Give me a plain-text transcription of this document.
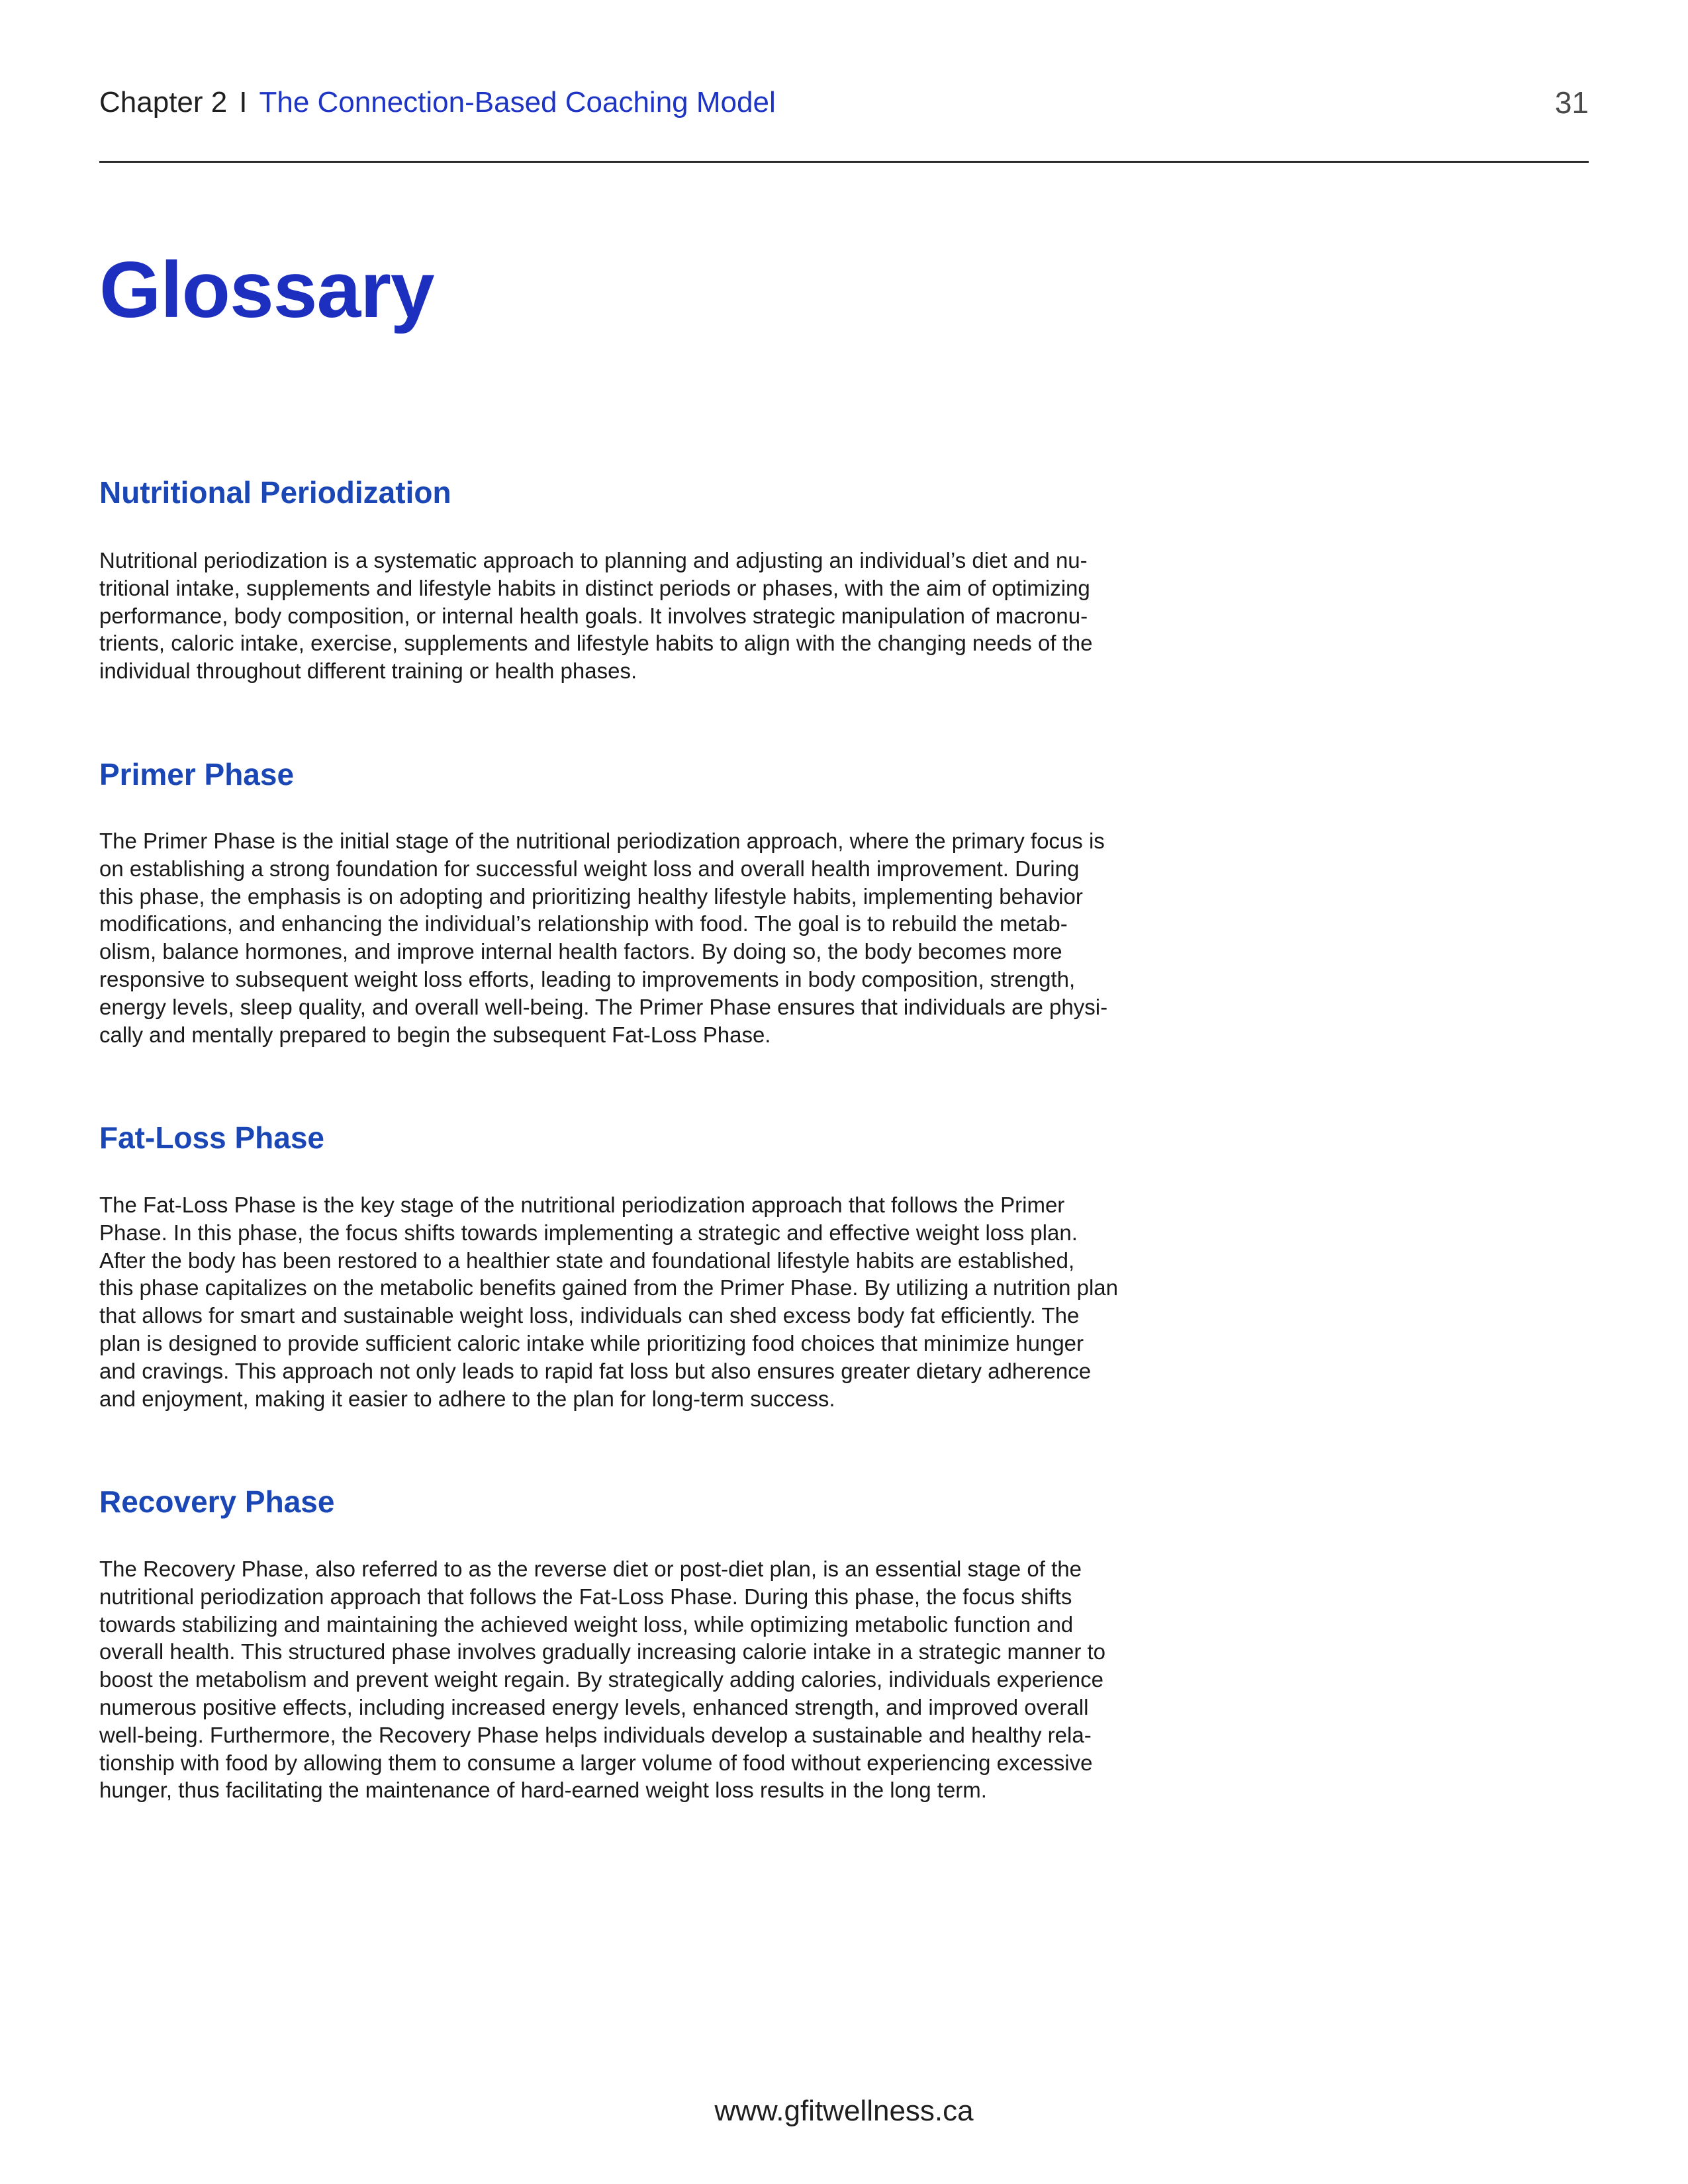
Chapter 2 I The Connection-Based Coaching Model	31
Glossary
Nutritional Periodization

Nutritional periodization is a systematic approach to planning and adjusting an individual’s diet and nu-
tritional intake, supplements and lifestyle habits in distinct periods or phases, with the aim of optimizing
performance, body composition, or internal health goals. It involves strategic manipulation of macronu-
trients, caloric intake, exercise, supplements and lifestyle habits to align with the changing needs of the
individual throughout different training or health phases.

Primer Phase

The Primer Phase is the initial stage of the nutritional periodization approach, where the primary focus is
on establishing a strong foundation for successful weight loss and overall health improvement. During
this phase, the emphasis is on adopting and prioritizing healthy lifestyle habits, implementing behavior
modifications, and enhancing the individual’s relationship with food. The goal is to rebuild the metab-
olism, balance hormones, and improve internal health factors. By doing so, the body becomes more
responsive to subsequent weight loss efforts, leading to improvements in body composition, strength,
energy levels, sleep quality, and overall well-being. The Primer Phase ensures that individuals are physi-
cally and mentally prepared to begin the subsequent Fat-Loss Phase.

Fat-Loss Phase

The Fat-Loss Phase is the key stage of the nutritional periodization approach that follows the Primer
Phase. In this phase, the focus shifts towards implementing a strategic and effective weight loss plan.
After the body has been restored to a healthier state and foundational lifestyle habits are established,
this phase capitalizes on the metabolic benefits gained from the Primer Phase. By utilizing a nutrition plan
that allows for smart and sustainable weight loss, individuals can shed excess body fat efficiently. The
plan is designed to provide sufficient caloric intake while prioritizing food choices that minimize hunger
and cravings. This approach not only leads to rapid fat loss but also ensures greater dietary adherence
and enjoyment, making it easier to adhere to the plan for long-term success.

Recovery Phase

The Recovery Phase, also referred to as the reverse diet or post-diet plan, is an essential stage of the
nutritional periodization approach that follows the Fat-Loss Phase. During this phase, the focus shifts
towards stabilizing and maintaining the achieved weight loss, while optimizing metabolic function and
overall health. This structured phase involves gradually increasing calorie intake in a strategic manner to
boost the metabolism and prevent weight regain. By strategically adding calories, individuals experience
numerous positive effects, including increased energy levels, enhanced strength, and improved overall
well-being. Furthermore, the Recovery Phase helps individuals develop a sustainable and healthy rela-
tionship with food by allowing them to consume a larger volume of food without experiencing excessive
hunger, thus facilitating the maintenance of hard-earned weight loss results in the long term.

www.gfitwellness.ca
